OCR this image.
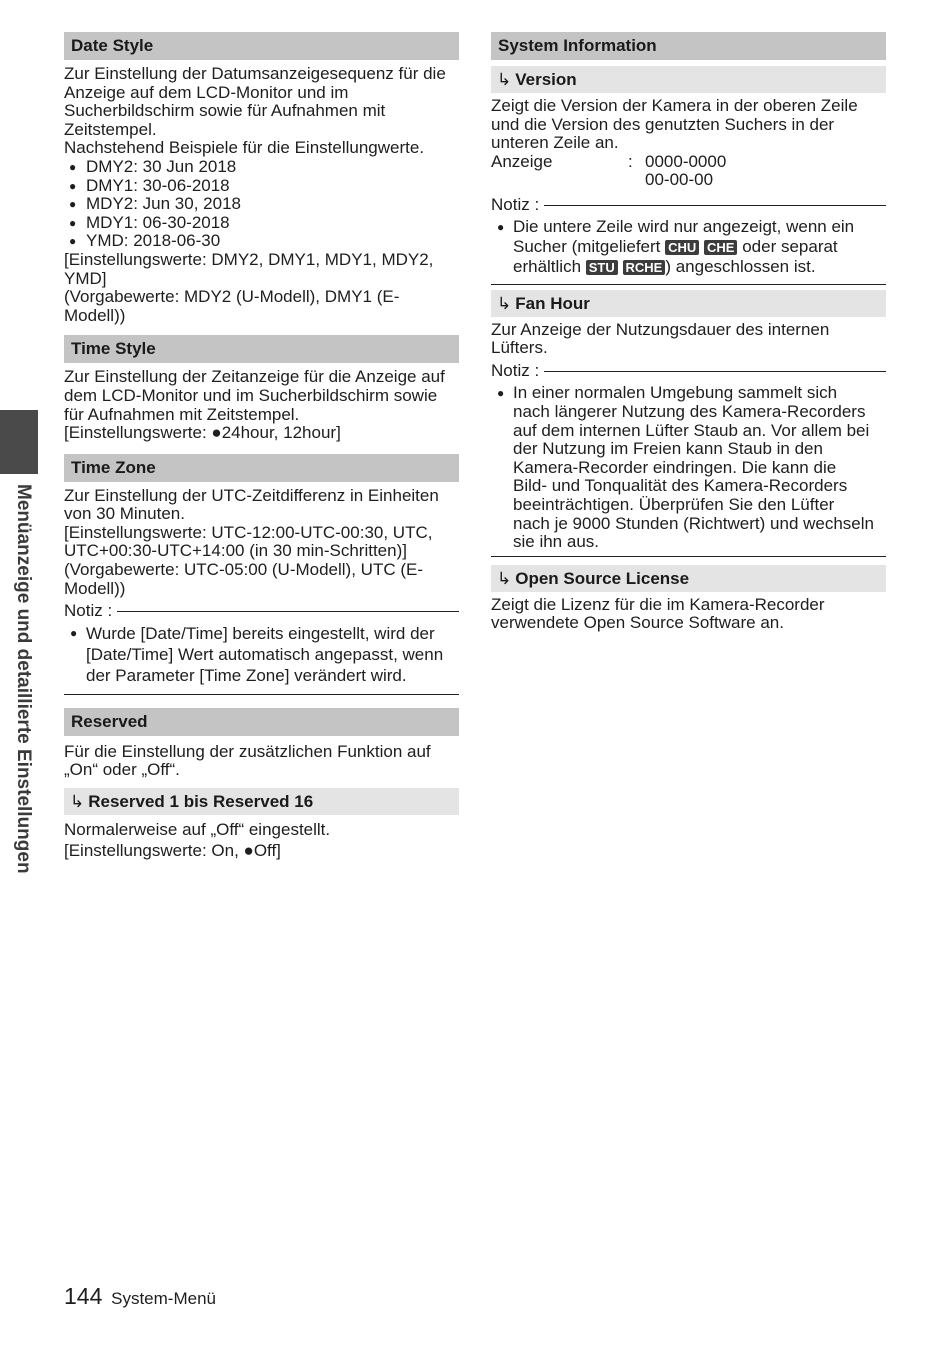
Menüanzeige und detaillierte Einstellungen
Date Style
Zur Einstellung der Datumsanzeigesequenz für die
Anzeige auf dem LCD-Monitor und im
Sucherbildschirm sowie für Aufnahmen mit
Zeitstempel.
Nachstehend Beispiele für die Einstellungwerte.
● DMY2: 30 Jun 2018
● DMY1: 30-06-2018
● MDY2: Jun 30, 2018
● MDY1: 06-30-2018
● YMD: 2018-06-30
[Einstellungswerte: DMY2, DMY1, MDY1, MDY2,
YMD]
(Vorgabewerte: MDY2 (U-Modell), DMY1 (E-
Modell))
Time Style
Zur Einstellung der Zeitanzeige für die Anzeige auf
dem LCD-Monitor und im Sucherbildschirm sowie
für Aufnahmen mit Zeitstempel.
[Einstellungswerte: ●24hour, 12hour]
Time Zone
Zur Einstellung der UTC-Zeitdifferenz in Einheiten
von 30 Minuten.
[Einstellungswerte: UTC-12:00-UTC-00:30, UTC,
UTC+00:30-UTC+14:00 (in 30 min-Schritten)]
(Vorgabewerte: UTC-05:00 (U-Modell), UTC (E-
Modell))
Notiz :
● Wurde [Date/Time] bereits eingestellt, wird der
[Date/Time] Wert automatisch angepasst, wenn
der Parameter [Time Zone] verändert wird.
Reserved
Für die Einstellung der zusätzlichen Funktion auf
„On“ oder „Off“.
↳ Reserved 1 bis Reserved 16
Normalerweise auf „Off“ eingestellt.
[Einstellungswerte: On, ●Off]
System Information
↳ Version
Zeigt die Version der Kamera in der oberen Zeile
und die Version des genutzten Suchers in der
unteren Zeile an.
Anzeige	: 0000-0000
00-00-00
Notiz :
● Die untere Zeile wird nur angezeigt, wenn ein
Sucher (mitgeliefert CHU CHE oder separat
erhältlich STU RCHE ) angeschlossen ist.
↳ Fan Hour
Zur Anzeige der Nutzungsdauer des internen
Lüfters.
Notiz :
● In einer normalen Umgebung sammelt sich
nach längerer Nutzung des Kamera-Recorders
auf dem internen Lüfter Staub an. Vor allem bei
der Nutzung im Freien kann Staub in den
Kamera-Recorder eindringen. Die kann die
Bild- und Tonqualität des Kamera-Recorders
beeinträchtigen. Überprüfen Sie den Lüfter
nach je 9000 Stunden (Richtwert) und wechseln
sie ihn aus.
↳ Open Source License
Zeigt die Lizenz für die im Kamera-Recorder
verwendete Open Source Software an.
144 System-Menü
